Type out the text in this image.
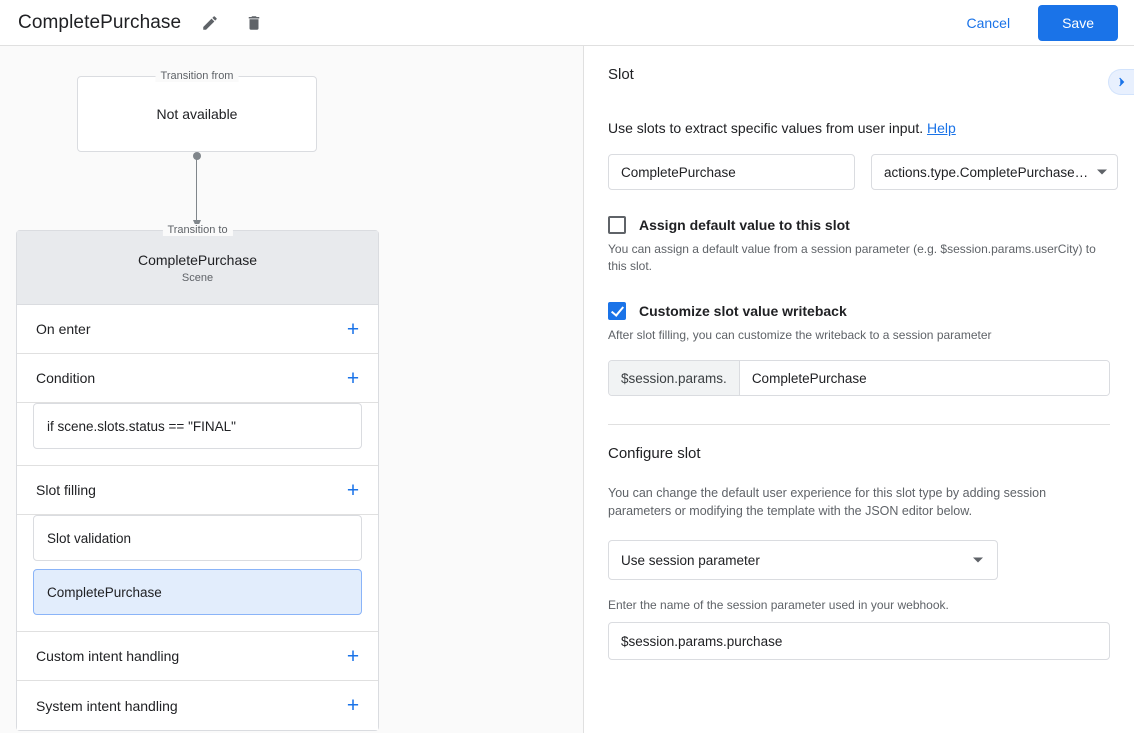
CompletePurchase	Cancel	Save
Transition from
Not available
Transition to
CompletePurchase
Scene
On enter	+
Condition	+
if scene.slots.status == "FINAL"
Slot filling	+
Slot validation
CompletePurchase
Custom intent handling	+
System intent handling	+
Slot
Use slots to extract specific values from user input. Help
CompletePurchase	actions.type.CompletePurchase…
Assign default value to this slot
You can assign a default value from a session parameter (e.g. $session.params.userCity) to this slot.
Customize slot value writeback
After slot filling, you can customize the writeback to a session parameter
$session.params.	CompletePurchase
Configure slot
You can change the default user experience for this slot type by adding session parameters or modifying the template with the JSON editor below.
Use session parameter
Enter the name of the session parameter used in your webhook.
$session.params.purchase
